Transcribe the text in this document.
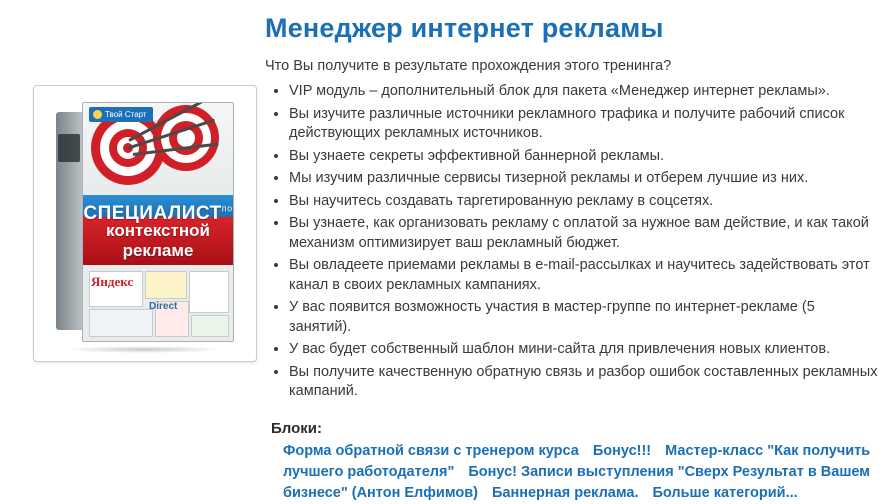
Твой Старт
$СПЕЦИАЛИСТ^{по}$
контекстной
рекламе
Яндекс
Direct
Менеджер интернет рекламы

Что Вы получите в результате прохождения этого тренинга?

• VIP модуль – дополнительный блок для пакета «Менеджер интернет рекламы».
• Вы изучите различные источники рекламного трафика и получите рабочий список действующих рекламных источников.
• Вы узнаете секреты эффективной баннерной рекламы.
• Мы изучим различные сервисы тизерной рекламы и отберем лучшие из них.
• Вы научитесь создавать таргетированную рекламу в соцсетях.
• Вы узнаете, как организовать рекламу с оплатой за нужное вам действие, и как такой механизм оптимизирует ваш рекламный бюджет.
• Вы овладеете приемами рекламы в e-mail-рассылках и научитесь задействовать этот канал в своих рекламных кампаниях.
• У вас появится возможность участия в мастер-группе по интернет-рекламе (5 занятий).
• У вас будет собственный шаблон мини-сайта для привлечения новых клиентов.
• Вы получите качественную обратную связь и разбор ошибок составленных рекламных кампаний.
Блоки:
Форма обратной связи с тренером курса Бонус!!! Мастер-класс "Как получить лучшего работодателя" Бонус! Записи выступления "Сверх Результат в Вашем бизнесе" (Антон Елфимов) Баннерная реклама. Больше категорий...
